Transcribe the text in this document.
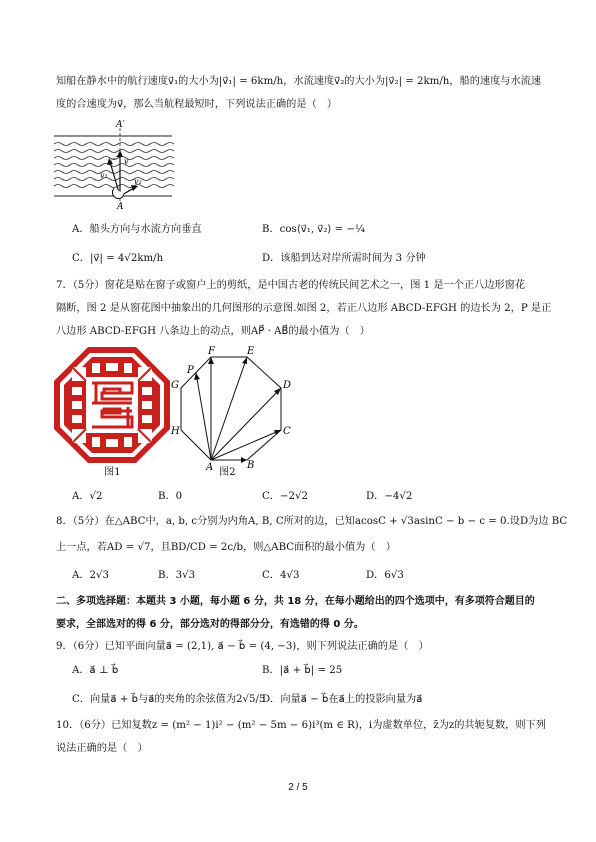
知船在静水中的航行速度v⃗₁的大小为|v⃗₁| = 6km/h，水流速度v⃗₂的大小为|v⃗₂| = 2km/h，船的速度与水流速
度的合速度为v⃗，那么当航程最短时，下列说法正确的是（　）
A′
A
v
v₁
v₂
A．船头方向与水流方向垂直	B．cos⟨v⃗₁, v⃗₂⟩ = −¼
C．|v⃗| = 4√2km/h	D．该船到达对岸所需时间为 3 分钟
7．（5分）窗花是贴在窗子或窗户上的剪纸，是中国古老的传统民间艺术之一，图 1 是一个正八边形窗花
隔断，图 2 是从窗花图中抽象出的几何图形的示意图.如图 2，若正八边形 ABCD-EFGH 的边长为 2，P 是正
八边形 ABCD-EFGH 八条边上的动点，则AP⃗ · AB⃗的最小值为（　）
图1	A	B
C
D
E
F
G
H
P
图2
A．√2	B．0	C．−2√2	D．−4√2
8．（5分）在△ABC中，a, b, c分别为内角A, B, C所对的边，已知acosC + √3asinC − b − c = 0.设D为边 BC
上一点，若AD = √7，且BD/CD = 2c/b，则△ABC面积的最小值为（　）
A．2√3	B．3√3	C．4√3	D．6√3
二、多项选择题：本题共 3 小题，每小题 6 分，共 18 分，在每小题给出的四个选项中，有多项符合题目的
要求，全部选对的得 6 分，部分选对的得部分分，有选错的得 0 分。
9．（6分）已知平面向量a⃗ = (2,1), a⃗ − b⃗ = (4, −3)，则下列说法正确的是（　）
A．a⃗ ⊥ b⃗	B．|a⃗ + b⃗| = 25
C．向量a⃗ + b⃗与a⃗的夹角的余弦值为2√5/5
D．向量a⃗ − b⃗在a⃗上的投影向量为a⃗
10．（6分）已知复数z = (m² − 1)i² − (m² − 5m − 6)i³(m ∈ R)，i为虚数单位，z̄为z的共轭复数，则下列
说法正确的是（　）
2 / 5
